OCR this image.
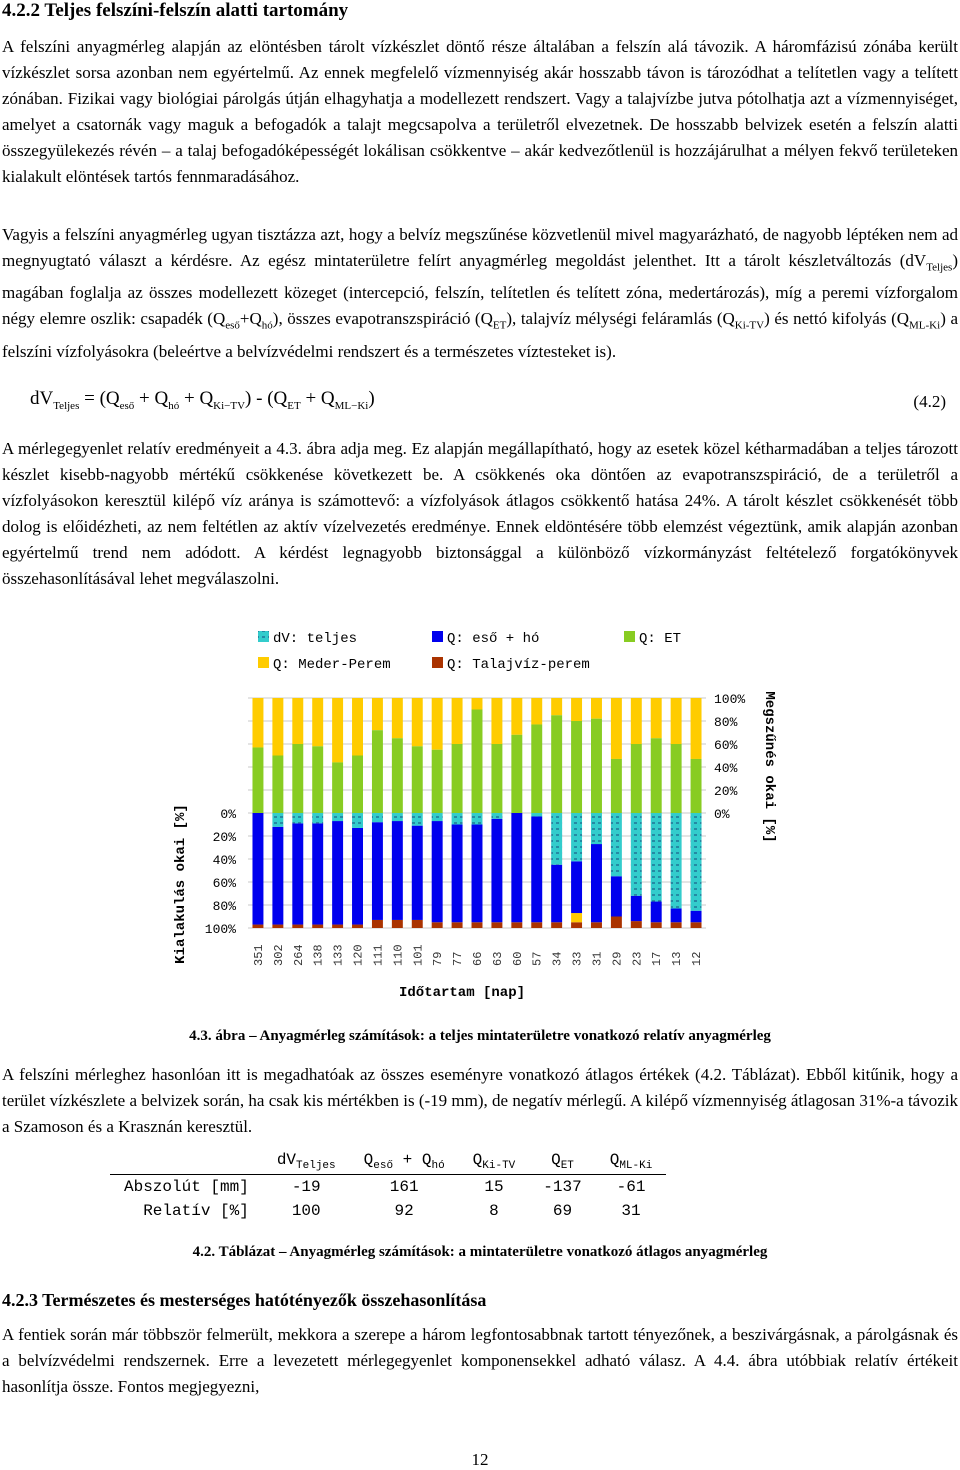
4.2.2 Teljes felszíni-felszín alatti tartomány

A felszíni anyagmérleg alapján az elöntésben tárolt vízkészlet döntő része általában a felszín alá távozik. A háromfázisú zónába került vízkészlet sorsa azonban nem egyértelmű. Az ennek megfelelő vízmennyiség akár hosszabb távon is tározódhat a telítetlen vagy a telített zónában. Fizikai vagy biológiai párolgás útján elhagyhatja a modellezett rendszert. Vagy a talajvízbe jutva pótolhatja azt a vízmennyiséget, amelyet a csatornák vagy maguk a befogadók a talajt megcsapolva a területről elvezetnek. De hosszabb belvizek esetén a felszín alatti összegyülekezés révén – a talaj befogadóképességét lokálisan csökkentve – akár kedvezőtlenül is hozzájárulhat a mélyen fekvő területeken kialakult elöntések tartós fennmaradásához.

Vagyis a felszíni anyagmérleg ugyan tisztázza azt, hogy a belvíz megszűnése közvetlenül mivel magyarázható, de nagyobb léptéken nem ad megnyugtató választ a kérdésre. Az egész mintaterületre felírt anyagmérleg megoldást jelenthet. Itt a tárolt készletváltozás $(dV_{Teljes})$ magában foglalja az összes modellezett közeget (intercepció, felszín, telítetlen és telített zóna, medertározás), míg a peremi vízforgalom négy elemre oszlik: csapadék $(Q_{eső}+Q_{hó})$, összes evapotranszspiráció $(Q_{ET})$, talajvíz mélységi feláramlás $(Q_{Ki-TV})$ és nettó kifolyás $(Q_{ML-Ki})$ a felszíni vízfolyásokra (beleértve a belvízvédelmi rendszert és a természetes víztesteket is).

$dV_{Teljes} = (Q_{eső} + Q_{hó} + Q_{Ki-TV}) - (Q_{ET} + Q_{ML-Ki})$	(4.2)

A mérlegegyenlet relatív eredményeit a 4.3. ábra adja meg. Ez alapján megállapítható, hogy az esetek közel kétharmadában a teljes tározott készlet kisebb-nagyobb mértékű csökkenése következett be. A csökkenés oka döntően az evapotranszspiráció, de a területről a vízfolyásokon keresztül kilépő víz aránya is számottevő: a vízfolyások átlagos csökkentő hatása 24%. A tárolt készlet csökkenését több dolog is előidézheti, az nem feltétlen az aktív vízelvezetés eredménye. Ennek eldöntésére több elemzést végeztünk, amik alapján azonban egyértelmű trend nem adódott. A kérdést legnagyobb biztonsággal a különböző vízkormányzást feltételező forgatókönyvek összehasonlításával lehet megválaszolni.

dV: teljes	Q: eső + hó	Q: ET
Q: Meder-Perem	Q: Talajvíz-perem
351 302 264 138 133 120 111 110 101 79 77 66 63 60 57 34 33 31 29 23 17 13 12
0%
20%
40%
60%
80%
100%
100%
80%
60%
40%
20%
0%
Kialakulás okai [%]
Megszűnés okai [%]
Időtartam [nap]
4.3. ábra – Anyagmérleg számítások: a teljes mintaterületre vonatkozó relatív anyagmérleg

A felszíni mérleghez hasonlóan itt is megadhatóak az összes eseményre vonatkozó átlagos értékek (4.2. Táblázat). Ebből kitűnik, hogy a terület vízkészlete a belvizek során, ha csak kis mértékben is (-19 mm), de negatív mérlegű. A kilépő vízmennyiség átlagosan 31%-a távozik a Szamoson és a Krasznán keresztül.

	$dV_{Teljes}$	$Q_{eső} + Q_{hó}$	$Q_{Ki-TV}$	$Q_{ET}$	$Q_{ML-Ki}$
Abszolút [mm]	-19	161	15	-137	-61
Relatív [%]	100	92	8	69	31
4.2. Táblázat – Anyagmérleg számítások: a mintaterületre vonatkozó átlagos anyagmérleg
4.2.3 Természetes és mesterséges hatótényezők összehasonlítása

A fentiek során már többször felmerült, mekkora a szerepe a három legfontosabbnak tartott tényezőnek, a beszivárgásnak, a párolgásnak és a belvízvédelmi rendszernek. Erre a levezetett mérlegegyenlet komponensekkel adható válasz. A 4.4. ábra utóbbiak relatív értékeit hasonlítja össze. Fontos megjegyezni,

12
